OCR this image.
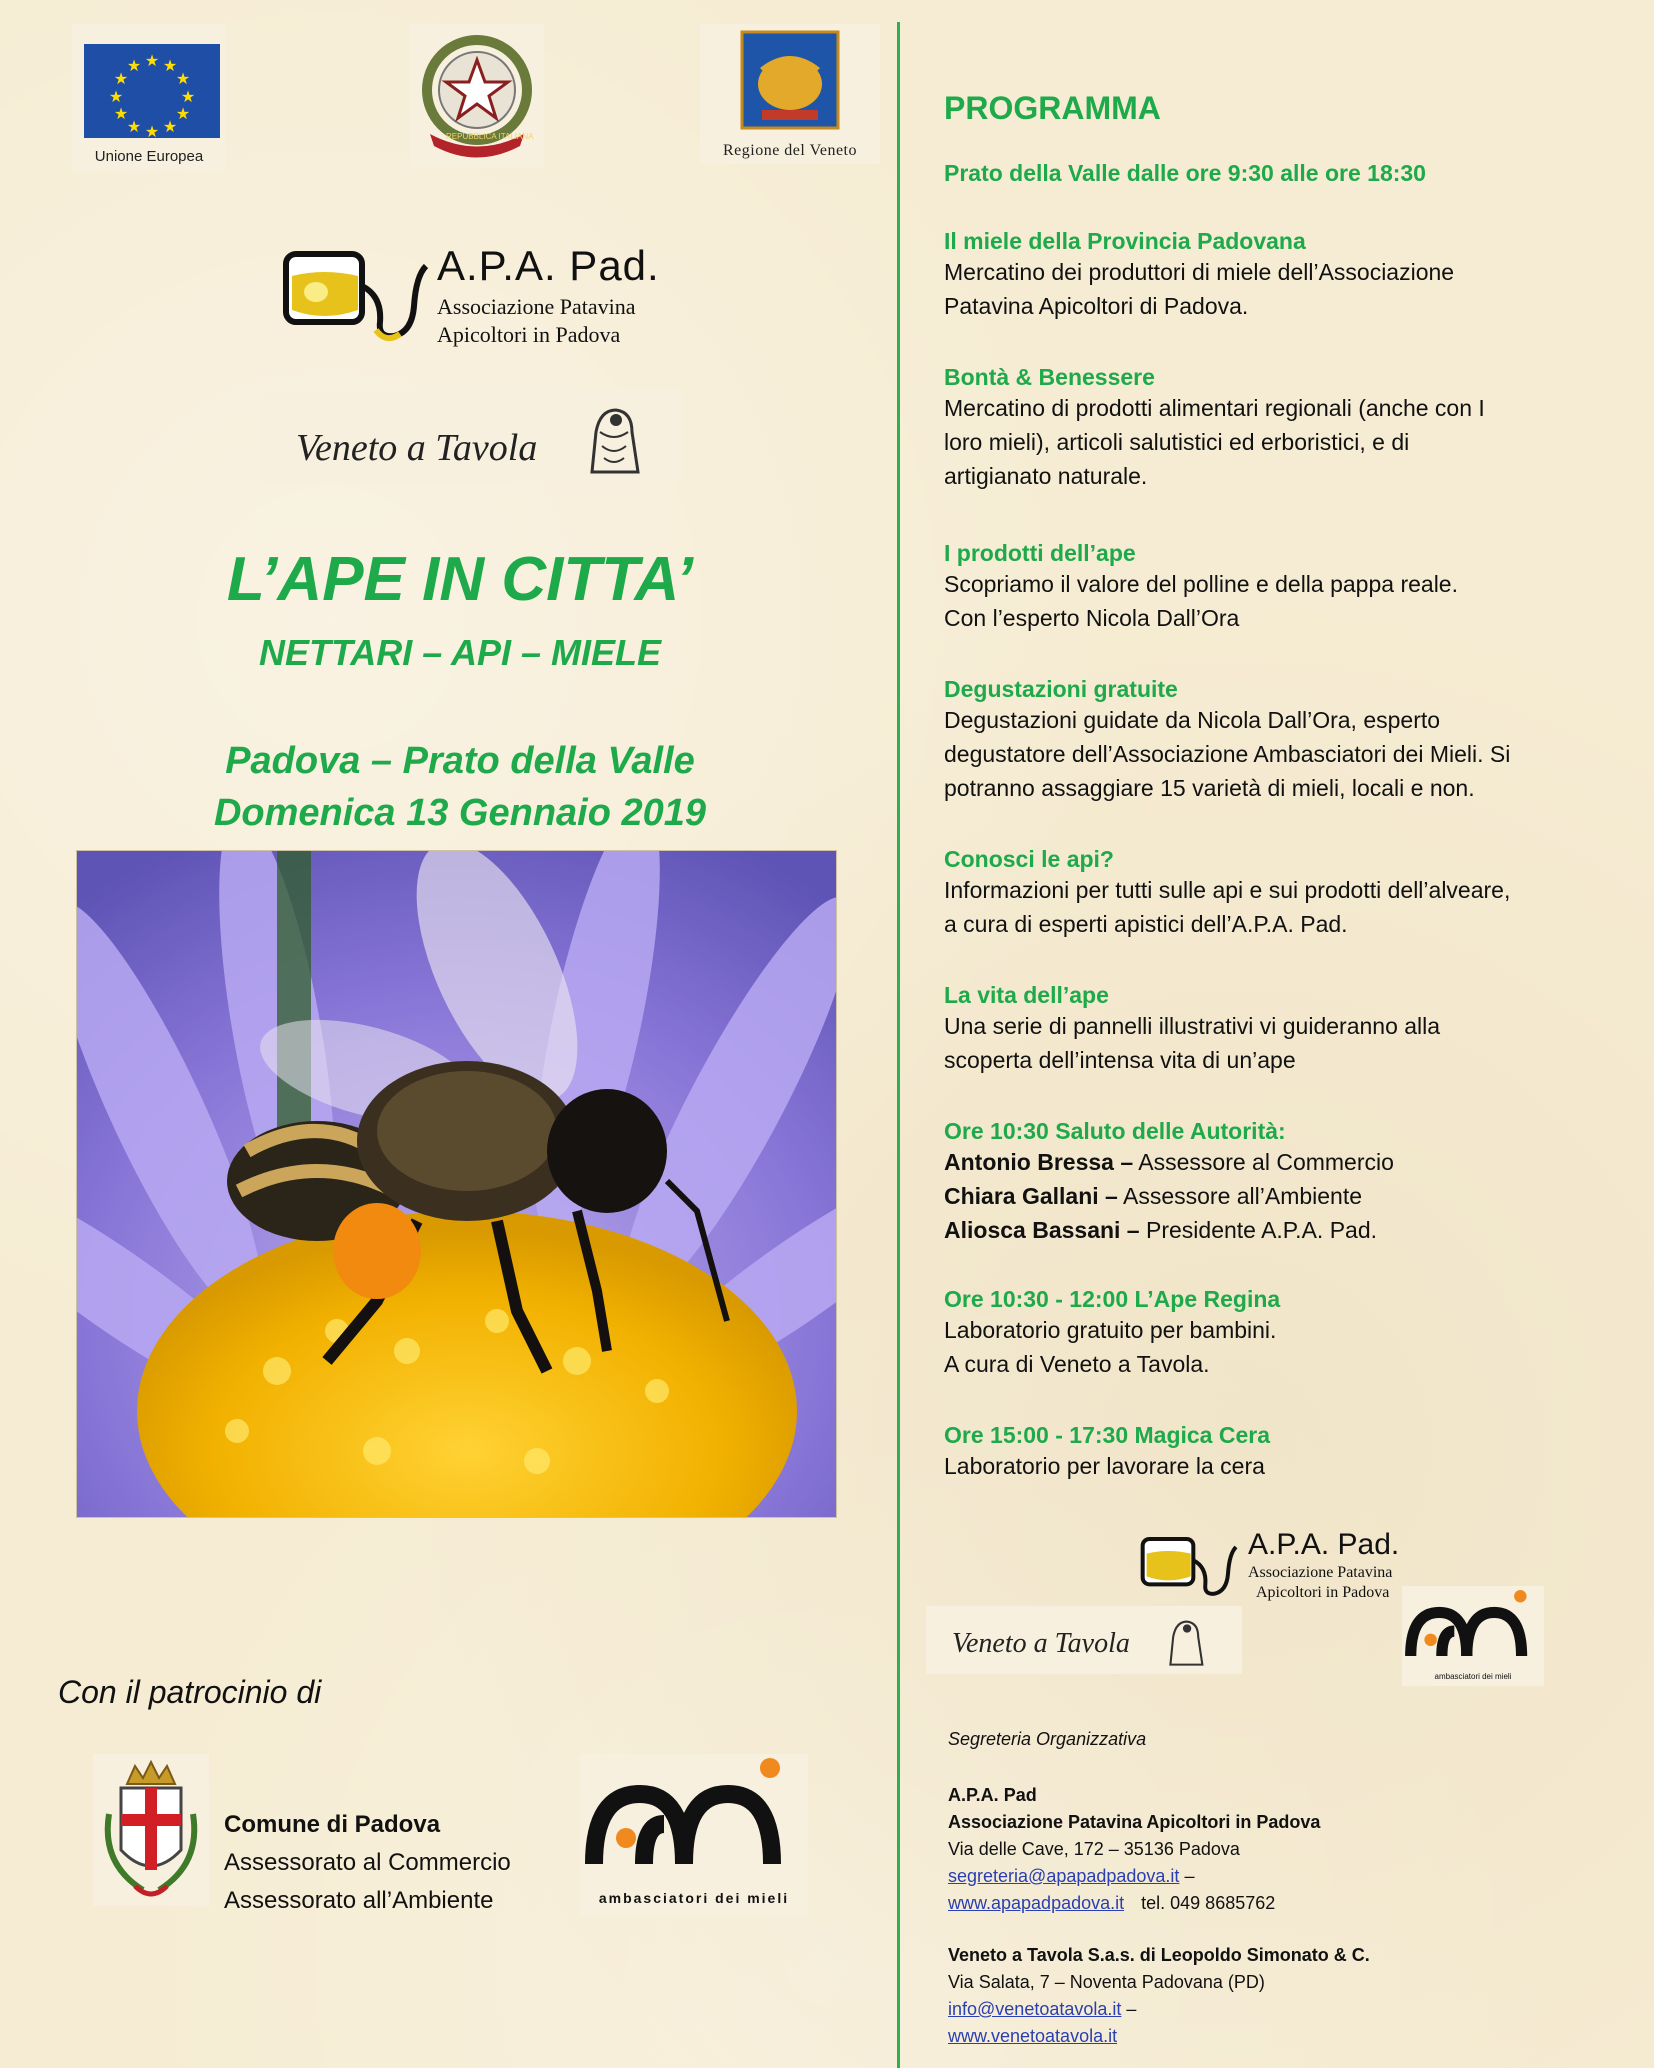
★ ★
★
★
★
★
★
★
★
★
★
★
Unione Europea
REPUBBLICA ITALIANA
Regione del Veneto
A.P.A. Pad.
Associazione Patavina
Apicoltori in Padova
Veneto a Tavola
L’APE IN CITTA’
NETTARI – API – MIELE
Padova – Prato della Valle
Domenica 13 Gennaio 2019
Con il patrocinio di
Comune di Padova
Assessorato al Commercio
Assessorato all’Ambiente	ambasciatori dei mieli
PROGRAMMA
Prato della Valle dalle ore 9:30 alle ore 18:30
Il miele della Provincia Padovana
Mercatino dei produttori di miele dell’Associazione
Patavina Apicoltori di Padova.
Bontà & Benessere
Mercatino di prodotti alimentari regionali (anche con I
loro mieli), articoli salutistici ed erboristici, e di
artigianato naturale.
I prodotti dell’ape
Scopriamo il valore del polline e della pappa reale.
Con l’esperto Nicola Dall’Ora
Degustazioni gratuite
Degustazioni guidate da Nicola Dall’Ora, esperto
degustatore dell’Associazione Ambasciatori dei Mieli. Si
potranno assaggiare 15 varietà di mieli, locali e non.
Conosci le api?
Informazioni per tutti sulle api e sui prodotti dell’alveare,
a cura di esperti apistici dell’A.P.A. Pad.
La vita dell’ape
Una serie di pannelli illustrativi vi guideranno alla
scoperta dell’intensa vita di un’ape
Ore 10:30 Saluto delle Autorità:
Antonio Bressa – Assessore al Commercio
Chiara Gallani – Assessore all’Ambiente
Aliosca Bassani – Presidente A.P.A. Pad.
Ore 10:30 - 12:00 L’Ape Regina
Laboratorio gratuito per bambini.
A cura di Veneto a Tavola.
Ore 15:00 - 17:30 Magica Cera
Laboratorio per lavorare la cera
A.P.A. Pad.
Associazione Patavina
Apicoltori in Padova
Veneto a Tavola
ambasciatori dei mieli
Segreteria Organizzativa
A.P.A. Pad
Associazione Patavina Apicoltori in Padova
Via delle Cave, 172 – 35136 Padova
segreteria@apapadpadova.it –
www.apapadpadova.it tel. 049 8685762
Veneto a Tavola S.a.s. di Leopoldo Simonato & C.
Via Salata, 7 – Noventa Padovana (PD)
info@venetoatavola.it –
www.venetoatavola.it
